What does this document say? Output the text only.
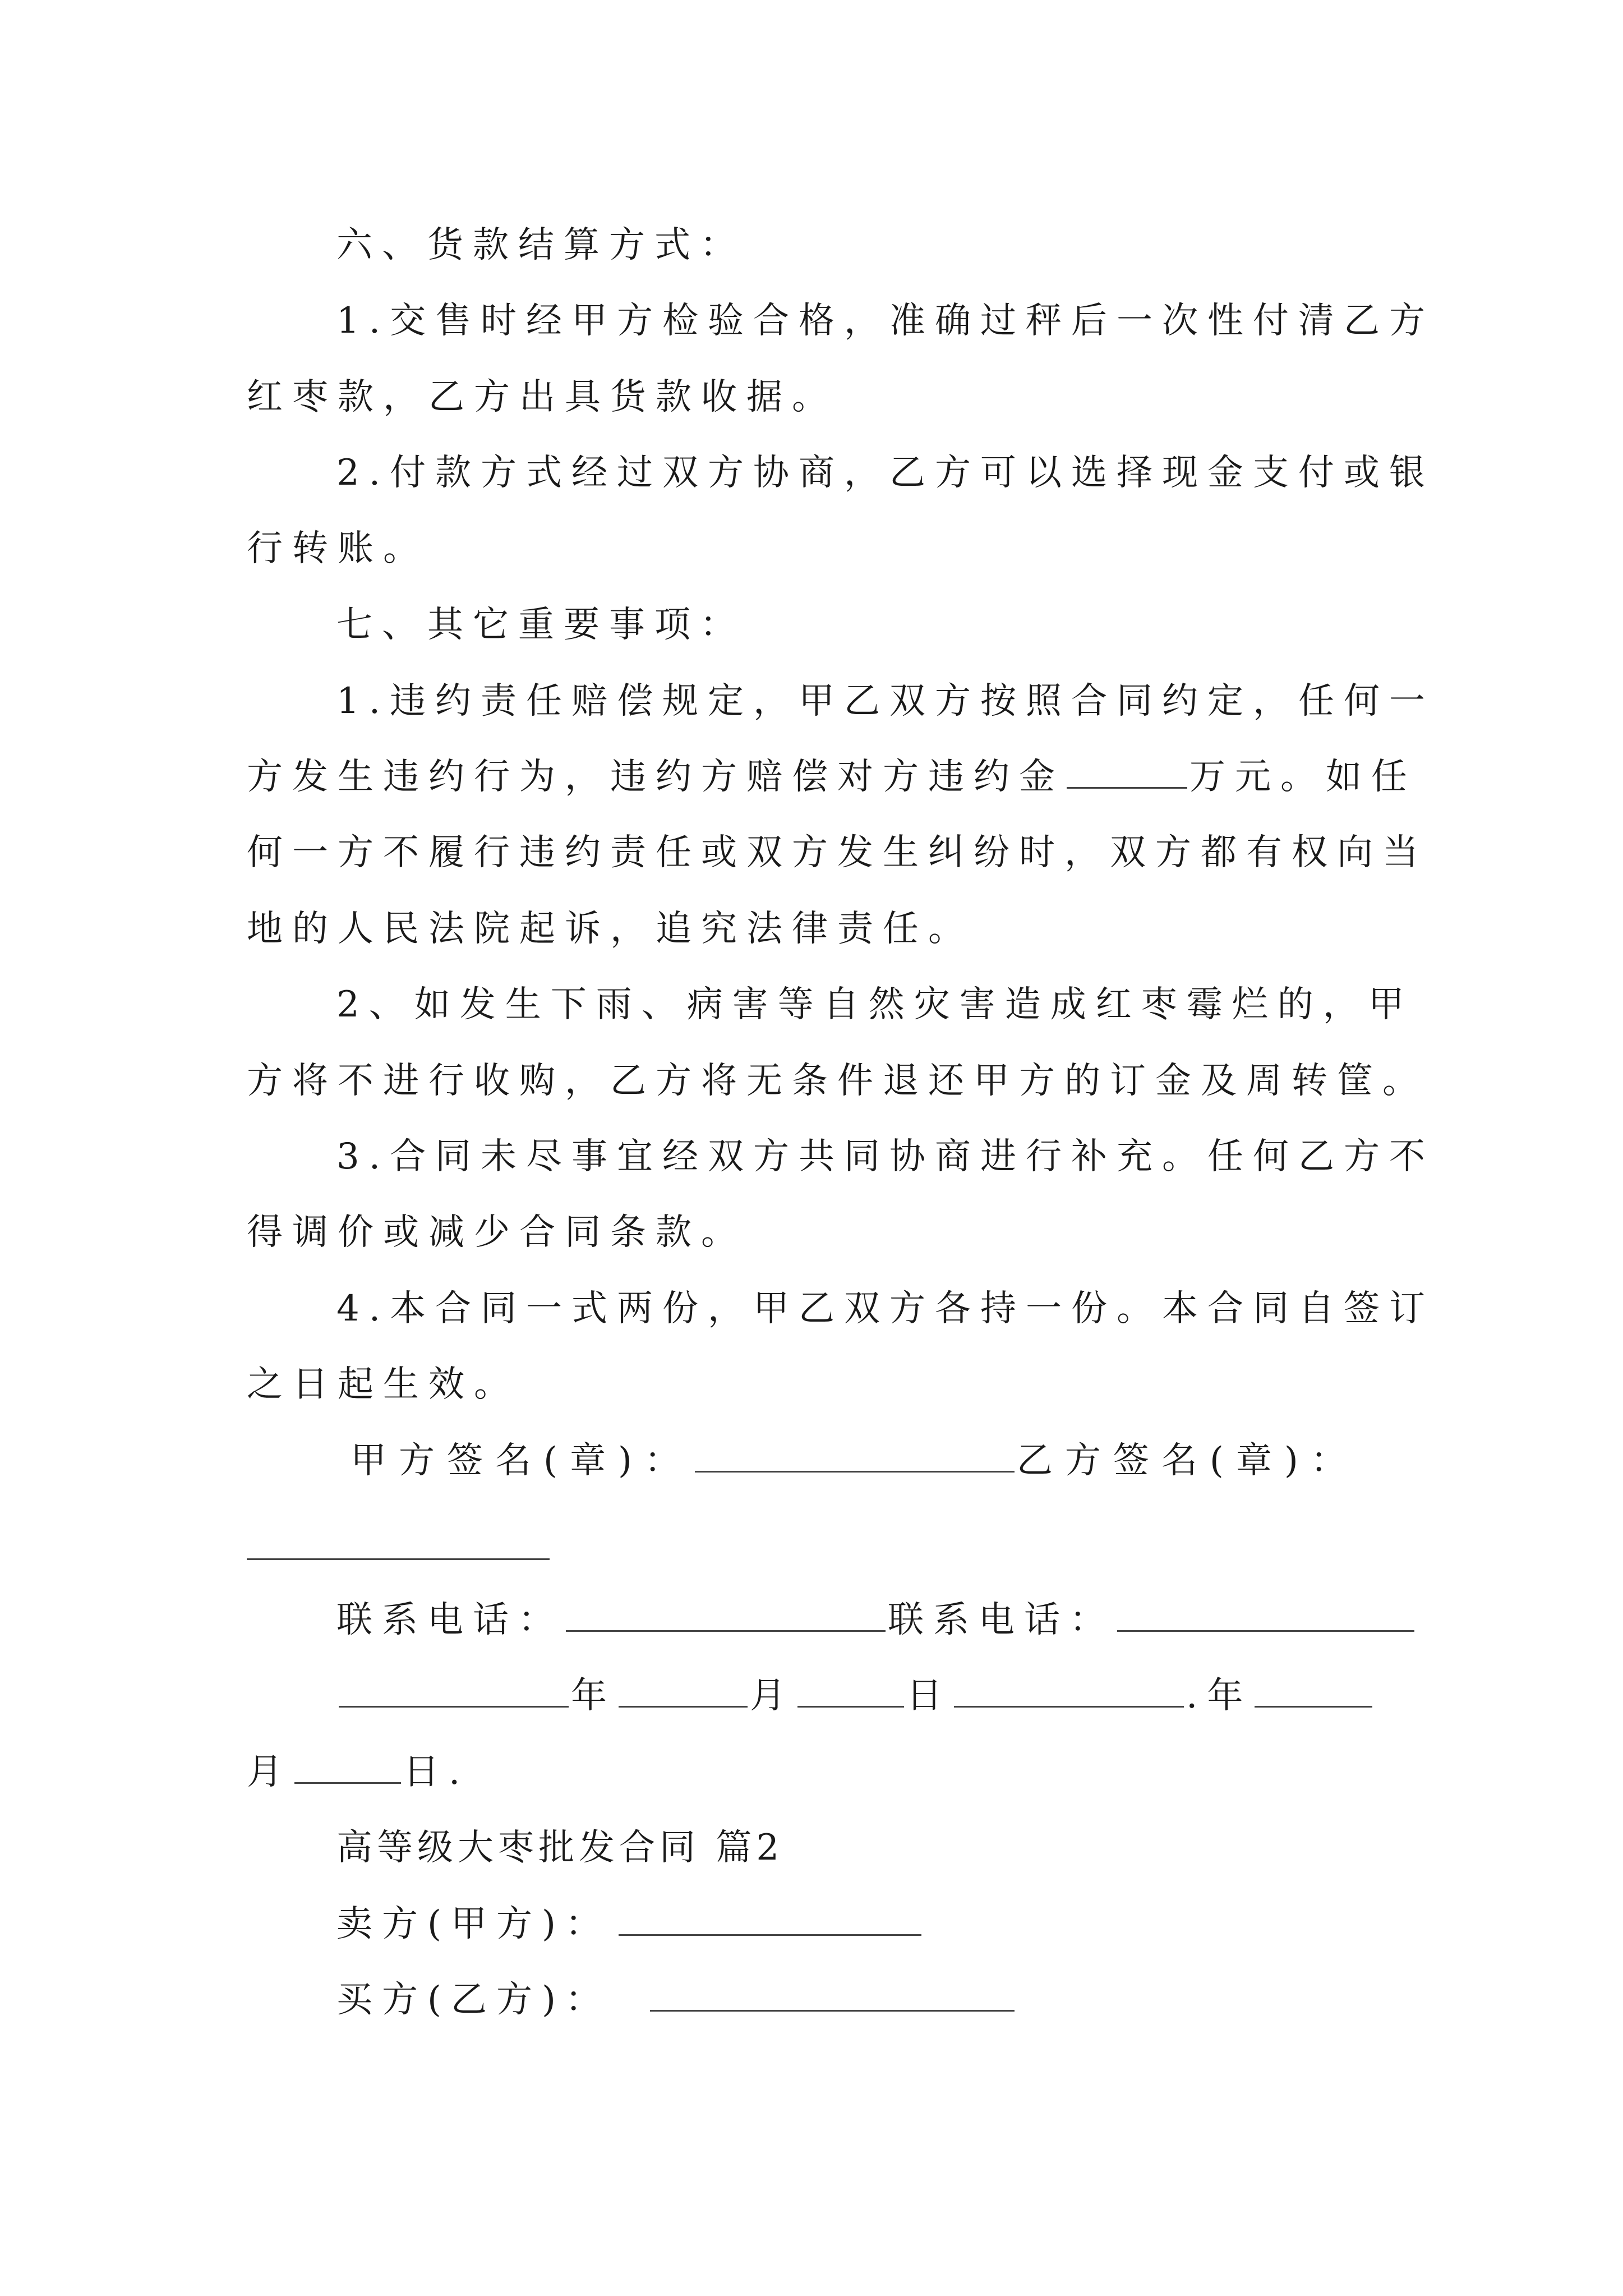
六、货款结算方式：
1.交售时经甲方检验合格，准确过秤后一次性付清乙方
红枣款，乙方出具货款收据。
2.付款方式经过双方协商，乙方可以选择现金支付或银
行转账。
七、其它重要事项：
1.违约责任赔偿规定，甲乙双方按照合同约定，任何一
方发生违约行为，违约方赔偿对方违约金	万元。如任
何一方不履行违约责任或双方发生纠纷时，双方都有权向当
地的人民法院起诉，追究法律责任。
2、如发生下雨、病害等自然灾害造成红枣霉烂的，甲
方将不进行收购，乙方将无条件退还甲方的订金及周转筐。
3.合同未尽事宜经双方共同协商进行补充。任何乙方不
得调价或减少合同条款。
4.本合同一式两份，甲乙双方各持一份。本合同自签订
之日起生效。
甲方签名(章)：	乙方签名(章)：
联系电话：	联系电话：
年	月	日	.年
月	日.
高等级大枣批发合同 篇2
卖方(甲方)：
买方(乙方)：
